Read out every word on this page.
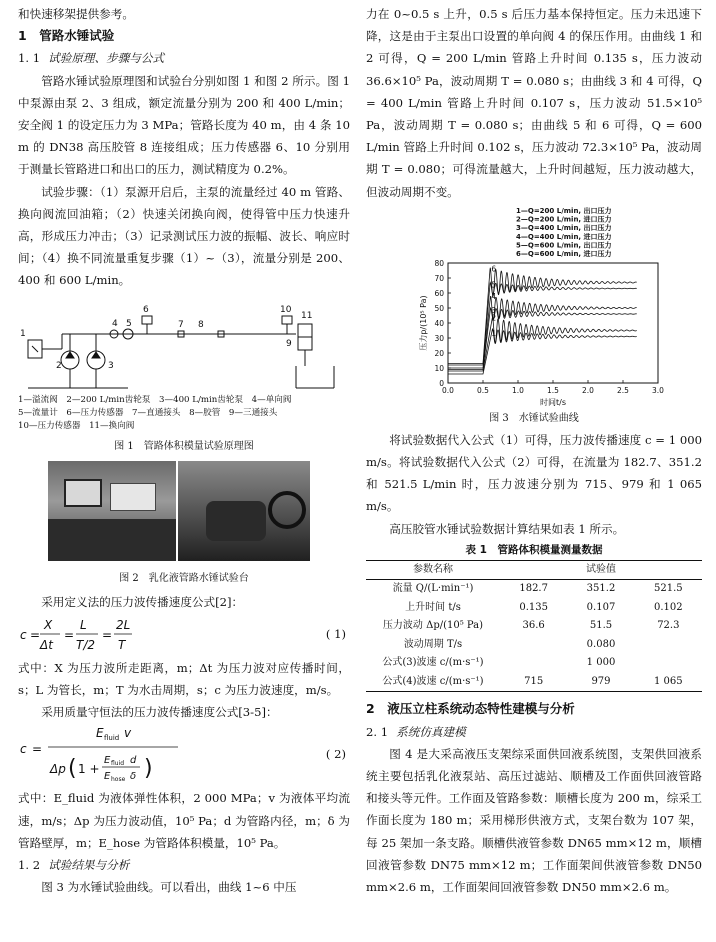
和快速移架提供参考。

1　管路水锤试验

1. 1 试验原理、步骤与公式

管路水锤试验原理图和试验台分别如图 1 和图 2 所示。图 1 中泵源由泵 2、3 组成，额定流量分别为 200 和 400 L/min；安全阀 1 的设定压力为 3 MPa；管路长度为 40 m，由 4 条 10 m 的 DN38 高压胶管 8 连接组成；压力传感器 6、10 分别用于测量长管路进口和出口的压力，测试精度为 0.2%。

试验步骤：（1）泵源开启后，主泵的流量经过 40 m 管路、换向阀流回油箱；（2）快速关闭换向阀，使得管中压力快速升高，形成压力冲击；（3）记录测试压力波的振幅、波长、响应时间；（4）换不同流量重复步骤（1）~（3），流量分别是 200、400 和 600 L/min。

1
2	3
4 5
6
7 8
9
10
11
1—溢流阀　2—200 L/min齿轮泵　3—400 L/min齿轮泵　4—单向阀
5—流量计　6—压力传感器　7—直通接头　8—胶管　9—三通接头
10—压力传感器　11—换向阀
图 1　管路体积模量试验原理图
图 2　乳化液管路水锤试验台

采用定义法的压力波传播速度公式[2]：

c =
X
Δt
=
L
T/2
=
2L
T
( 1)

式中：X 为压力波所走距离，m；Δt 为压力波对应传播时间，s；L 为管长，m；T 为水击周期，s；c 为压力波速度，m/s。

采用质量守恒法的压力波传播速度公式[3-5]：

c =
E fluid v
Δp ( 1 +
E fluid d
E hose δ )
( 2)

式中：E_fluid 为液体弹性体积，2 000 MPa；v 为液体平均流速，m/s；Δp 为压力波动值，10⁵ Pa；d 为管路内径，m；δ 为管路壁厚，m；E_hose 为管路体积模量，10⁵ Pa。

1. 2 试验结果与分析

图 3 为水锤试验曲线。可以看出，曲线 1~6 中压

力在 0~0.5 s 上升，0.5 s 后压力基本保持恒定。压力未迅速下降，这是由于主泵出口设置的单向阀 4 的保压作用。由曲线 1 和 2 可得，Q = 200 L/min 管路上升时间 0.135 s，压力波动 36.6×10⁵ Pa，波动周期 T = 0.080 s；由曲线 3 和 4 可得，Q = 400 L/min 管路上升时间 0.107 s，压力波动 51.5×10⁵ Pa，波动周期 T = 0.080 s；由曲线 5 和 6 可得，Q = 600 L/min 管路上升时间 0.102 s，压力波动 72.3×10⁵ Pa，波动周期 T = 0.080；可得流量越大，上升时间越短，压力波动越大，但波动周期不变。

0
10
20
30
40
50
60
70
80
0.0	0.5	1.0	1.5	2.0	2.5	3.0
时间t/s
压力p/(10⁵ Pa)
1—Q=200 L/min, 出口压力
2—Q=200 L/min, 进口压力
3—Q=400 L/min, 出口压力
4—Q=400 L/min, 进口压力
5—Q=600 L/min, 出口压力
6—Q=600 L/min, 进口压力
6
5
4
3
2
1
图 3　水锤试验曲线

将试验数据代入公式（1）可得，压力波传播速度 c = 1 000 m/s。将试验数据代入公式（2）可得，在流量为 182.7、351.2 和 521.5 L/min 时，压力波速分别为 715、979 和 1 065 m/s。

高压胶管水锤试验数据计算结果如表 1 所示。

表 1　管路体积模量测量数据
参数名称	试验值		
流量 Q/(L·min⁻¹)	182.7	351.2	521.5
上升时间 t/s	0.135	0.107	0.102
压力波动 Δp/(10⁵ Pa)	36.6	51.5	72.3
波动周期 T/s		0.080	
公式(3)波速 c/(m·s⁻¹)		1 000	
公式(4)波速 c/(m·s⁻¹)	715	979	1 065

2　液压立柱系统动态特性建模与分析

2. 1 系统仿真建模

图 4 是大采高液压支架综采面供回液系统图，支架供回液系统主要包括乳化液泵站、高压过滤站、顺槽及工作面供回液管路和接头等元件。工作面及管路参数：顺槽长度为 200 m，综采工作面长度为 180 m；采用梯形供液方式，支架台数为 107 架，每 25 架加一条支路。顺槽供液管参数 DN65 mm×12 m，顺槽回液管参数 DN75 mm×12 m；工作面架间供液管参数 DN50 mm×2.6 m，工作面架间回液管参数 DN50 mm×2.6 m。
